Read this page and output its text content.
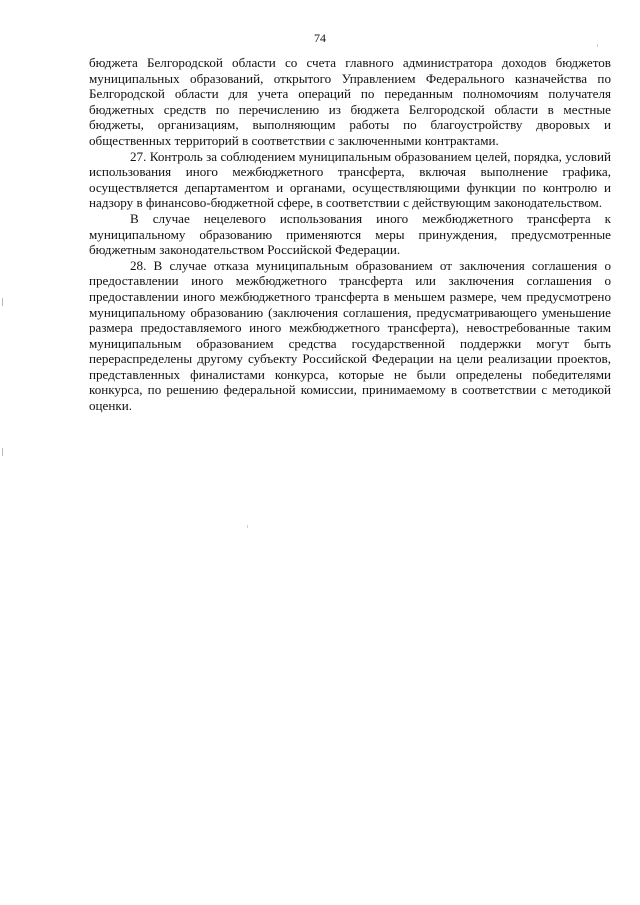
74

бюджета Белгородской области со счета главного администратора доходов бюджетов муниципальных образований, открытого Управлением Федерального казначейства по Белгородской области для учета операций по переданным полномочиям получателя бюджетных средств по перечислению из бюджета Белгородской области в местные бюджеты, организациям, выполняющим работы по благоустройству дворовых и общественных территорий в соответствии с заключенными контрактами.

27. Контроль за соблюдением муниципальным образованием целей, порядка, условий использования иного межбюджетного трансферта, включая выполнение графика, осуществляется департаментом и органами, осуществляющими функции по контролю и надзору в финансово-бюджетной сфере, в соответствии с действующим законодательством.

В случае нецелевого использования иного межбюджетного трансферта к муниципальному образованию применяются меры принуждения, предусмотренные бюджетным законодательством Российской Федерации.

28. В случае отказа муниципальным образованием от заключения соглашения о предоставлении иного межбюджетного трансферта или заключения соглашения о предоставлении иного межбюджетного трансферта в меньшем размере, чем предусмотрено муниципальному образованию (заключения соглашения, предусматривающего уменьшение размера предоставляемого иного межбюджетного трансферта), невостребованные таким муниципальным образованием средства государственной поддержки могут быть перераспределены другому субъекту Российской Федерации на цели реализации проектов, представленных финалистами конкурса, которые не были определены победителями конкурса, по решению федеральной комиссии, принимаемому в соответствии с методикой оценки.
